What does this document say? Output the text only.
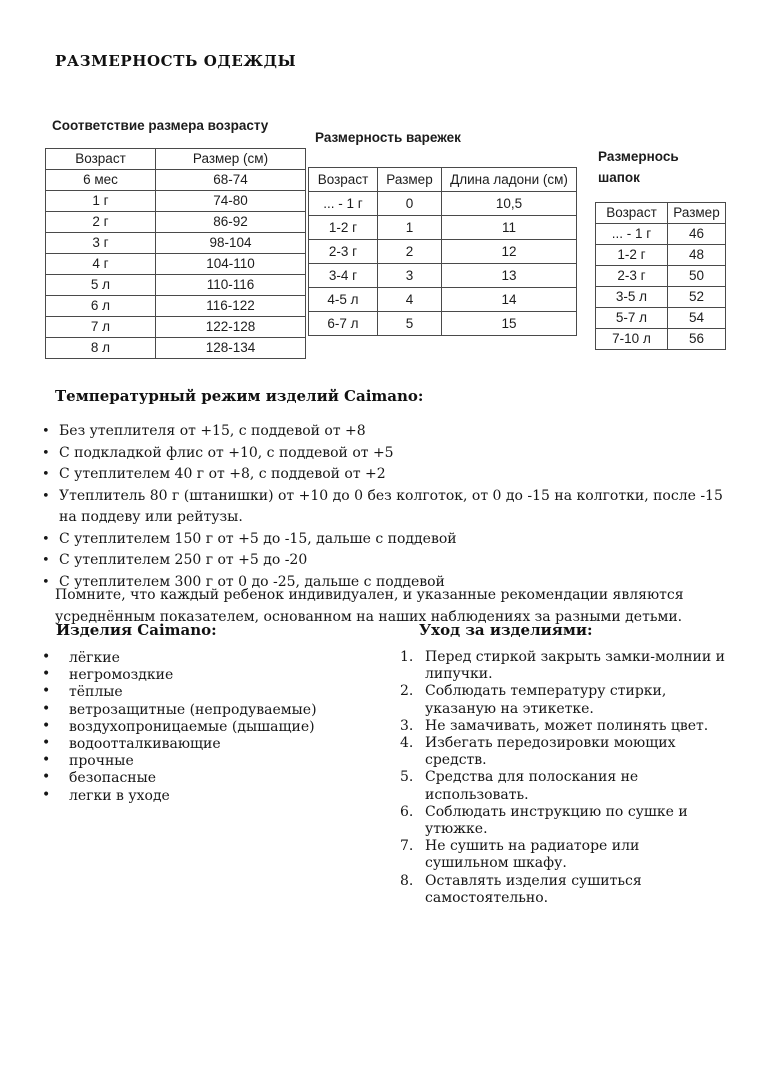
РАЗМЕРНОСТЬ ОДЕЖДЫ
Соответствие размера возрасту
Возраст	Размер (см)
6 мес	68-74
1 г	74-80
2 г	86-92
3 г	98-104
4 г	104-110
5 л	110-116
6 л	116-122
7 л	122-128
8 л	128-134
Размерность варежек
Возраст	Размер	Длина ладони (см)
... - 1 г	0	10,5
1-2 г	1	11
2-3 г	2	12
3-4 г	3	13
4-5 л	4	14
6-7 л	5	15
Размернось шапок
Возраст	Размер
... - 1 г	46
1-2 г	48
2-3 г	50
3-5 л	52
5-7 л	54
7-10 л	56
Температурный режим изделий Caimano:
• Без утеплителя от +15, с поддевой от +8
• С подкладкой флис от +10, с поддевой от +5
• С утеплителем 40 г от +8, с поддевой от +2
• Утеплитель 80 г (штанишки) от +10 до 0 без колготок, от 0 до -15 на колготки, после -15 на поддеву или рейтузы.
• С утеплителем 150 г от +5 до -15, дальше с поддевой
• С утеплителем 250 г от +5 до -20
• С утеплителем 300 г от 0 до -25, дальше с поддевой

Помните, что каждый ребенок индивидуален, и указанные рекомендации являются усреднённым показателем, основанном на наших наблюдениях за разными детьми.

Изделия Caimano:
• лёгкие
• негромоздкие
• тёплые
• ветрозащитные (непродуваемые)
• воздухопроницаемые (дышащие)
• водоотталкивающие
• прочные
• безопасные
• легки в уходе
Уход за изделиями:
Перед стиркой закрыть замки-молнии и липучки.
Соблюдать температуру стирки, указаную на этикетке.
Не замачивать, может полинять цвет.
Избегать передозировки моющих средств.
Средства для полоскания не использовать.
Соблюдать инструкцию по сушке и утюжке.
Не сушить на радиаторе или сушильном шкафу.
Оставлять изделия сушиться самостоятельно.
